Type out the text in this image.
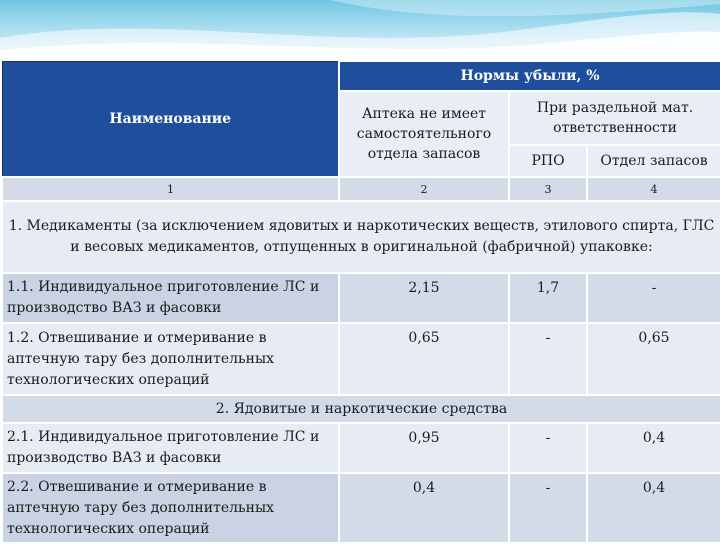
Наименование	Нормы убыли, %		
	Аптека не имеет самостоятельного отдела запасов	При раздельной мат. ответственности	
		РПО	Отдел запасов
1	2	3	4
1. Медикаменты (за исключением ядовитых и наркотических веществ, этилового спирта, ГЛС и весовых медикаментов, отпущенных в оригинальной (фабричной) упаковке:			
1.1. Индивидуальное приготовление ЛС и производство ВАЗ и фасовки	2,15	1,7	-
1.2. Отвешивание и отмеривание в аптечную тару без дополнительных технологических операций	0,65	-	0,65
2. Ядовитые и наркотические средства			
2.1. Индивидуальное приготовление ЛС и производство ВАЗ и фасовки	0,95	-	0,4
2.2. Отвешивание и отмеривание в аптечную тару без дополнительных технологических операций	0,4	-	0,4
